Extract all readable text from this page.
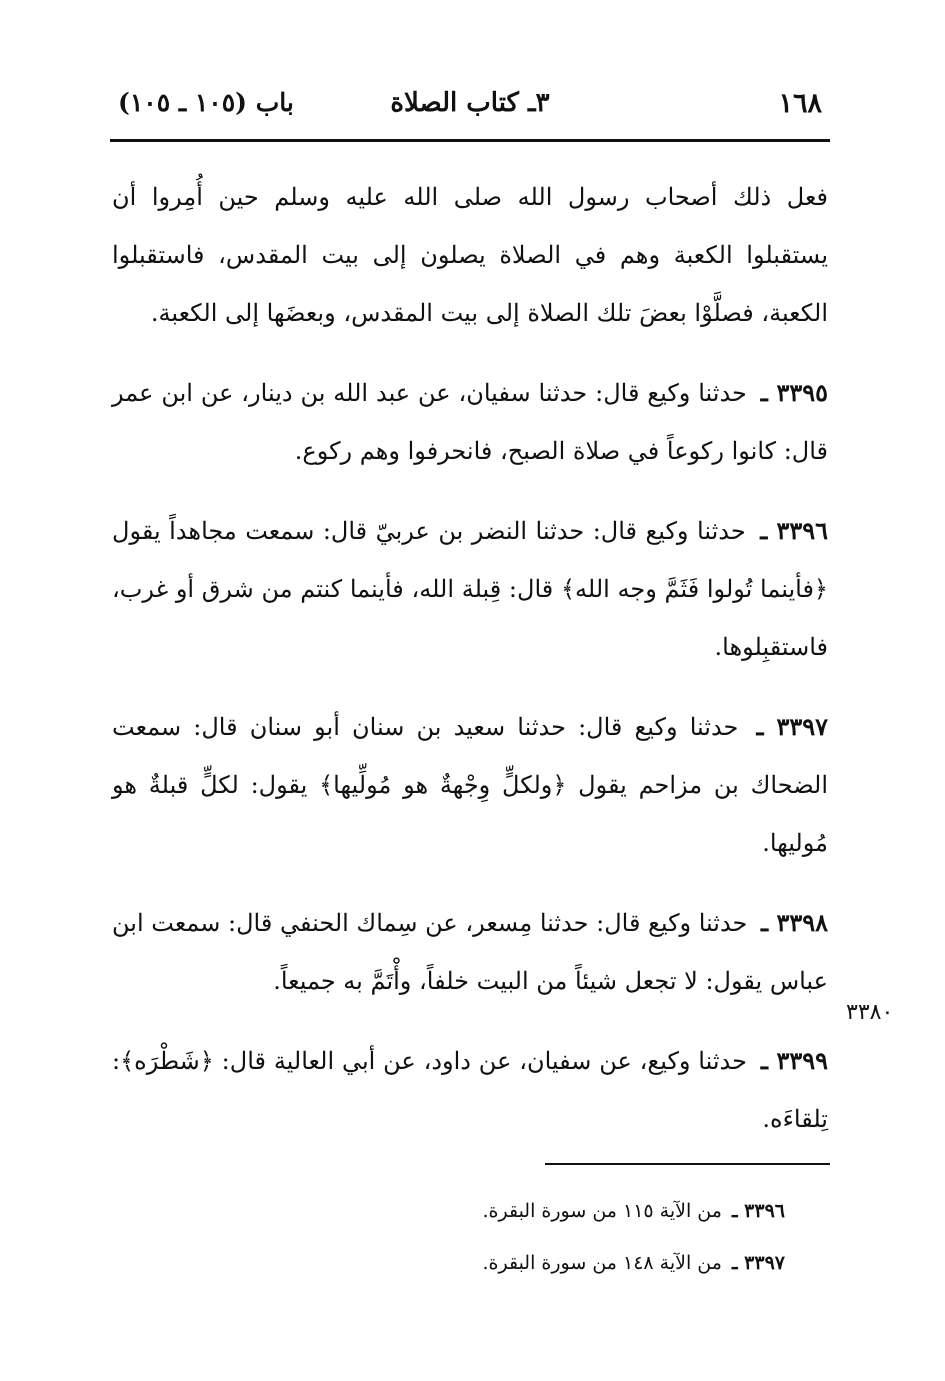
١٦٨
٣ـ كتاب الصلاة
باب (١٠٥ ـ ١٠٥)

فعل ذلك أصحاب رسول الله صلى الله عليه وسلم حين أُمِروا أن يستقبلوا الكعبة وهم في الصلاة يصلون إلى بيت المقدس، فاستقبلوا الكعبة، فصلَّوْا بعضَ تلك الصلاة إلى بيت المقدس، وبعضَها إلى الكعبة.

٣٣٩٥ ـ حدثنا وكيع قال: حدثنا سفيان، عن عبد الله بن دينار، عن ابن عمر قال: كانوا ركوعاً في صلاة الصبح، فانحرفوا وهم ركوع.

٣٣٩٦ ـ حدثنا وكيع قال: حدثنا النضر بن عربيّ قال: سمعت مجاهداً يقول ﴿فأينما تُولوا فَثَمَّ وجه الله﴾ قال: قِبلة الله، فأينما كنتم من شرق أو غرب، فاستقبِلوها.

٣٣٩٧ ـ حدثنا وكيع قال: حدثنا سعيد بن سنان أبو سنان قال: سمعت الضحاك بن مزاحم يقول ﴿ولكلٍّ وِجْهةٌ هو مُولِّيها﴾ يقول: لكلٍّ قبلةٌ هو مُوليها.

٣٣٩٨ ـ حدثنا وكيع قال: حدثنا مِسعر، عن سِماك الحنفي قال: سمعت ابن عباس يقول: لا تجعل شيئاً من البيت خلفاً، وأْتَمَّ به جميعاً.

٣٣٩٩ ـ حدثنا وكيع، عن سفيان، عن داود، عن أبي العالية قال: ﴿شَطْرَه﴾: تِلقاءَه.

٣٣٨٠
٣٣٩٦ ـ من الآية ١١٥ من سورة البقرة.
٣٣٩٧ ـ من الآية ١٤٨ من سورة البقرة.
